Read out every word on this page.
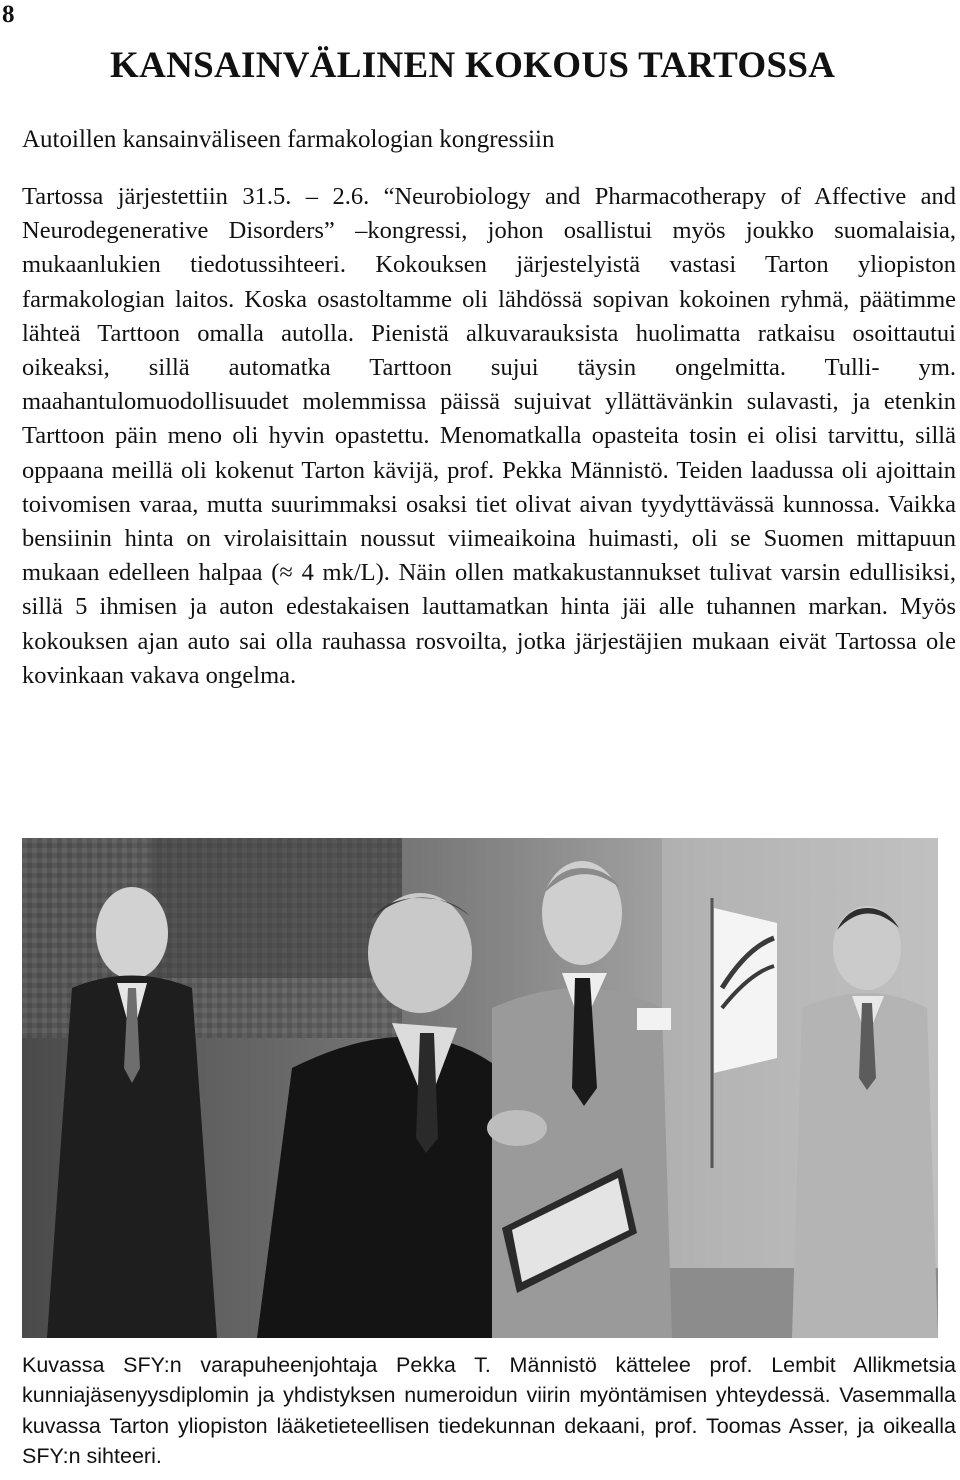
8
KANSAINVÄLINEN KOKOUS TARTOSSA
Autoillen kansainväliseen farmakologian kongressiin

Tartossa järjestettiin 31.5. – 2.6. “Neurobiology and Pharmacotherapy of Affective and Neurodegenerative Disorders” –kongressi, johon osallistui myös joukko suomalaisia, mukaanlukien tiedotussihteeri. Kokouksen järjestelyistä vastasi Tarton yliopiston farmakologian laitos. Koska osastoltamme oli lähdössä sopivan kokoinen ryhmä, päätimme lähteä Tarttoon omalla autolla. Pienistä alkuvarauksista huolimatta ratkaisu osoittautui oikeaksi, sillä automatka Tarttoon sujui täysin ongelmitta. Tulli- ym. maahantulomuodollisuudet molemmissa päissä sujuivat yllättävänkin sulavasti, ja etenkin Tarttoon päin meno oli hyvin opastettu. Menomatkalla opasteita tosin ei olisi tarvittu, sillä oppaana meillä oli kokenut Tarton kävijä, prof. Pekka Männistö. Teiden laadussa oli ajoittain toivomisen varaa, mutta suurimmaksi osaksi tiet olivat aivan tyydyttävässä kunnossa. Vaikka bensiinin hinta on virolaisittain noussut viimeaikoina huimasti, oli se Suomen mittapuun mukaan edelleen halpaa (≈ 4 mk/L). Näin ollen matkakustannukset tulivat varsin edullisiksi, sillä 5 ihmisen ja auton edestakaisen lauttamatkan hinta jäi alle tuhannen markan. Myös kokouksen ajan auto sai olla rauhassa rosvoilta, jotka järjestäjien mukaan eivät Tartossa ole kovinkaan vakava ongelma.

Kuvassa SFY:n varapuheenjohtaja Pekka T. Männistö kättelee prof. Lembit Allikmetsia kunniajäsenyysdiplomin ja yhdistyksen numeroidun viirin myöntämisen yhteydessä. Vasemmalla kuvassa Tarton yliopiston lääketieteellisen tiedekunnan dekaani, prof. Toomas Asser, ja oikealla SFY:n sihteeri.
